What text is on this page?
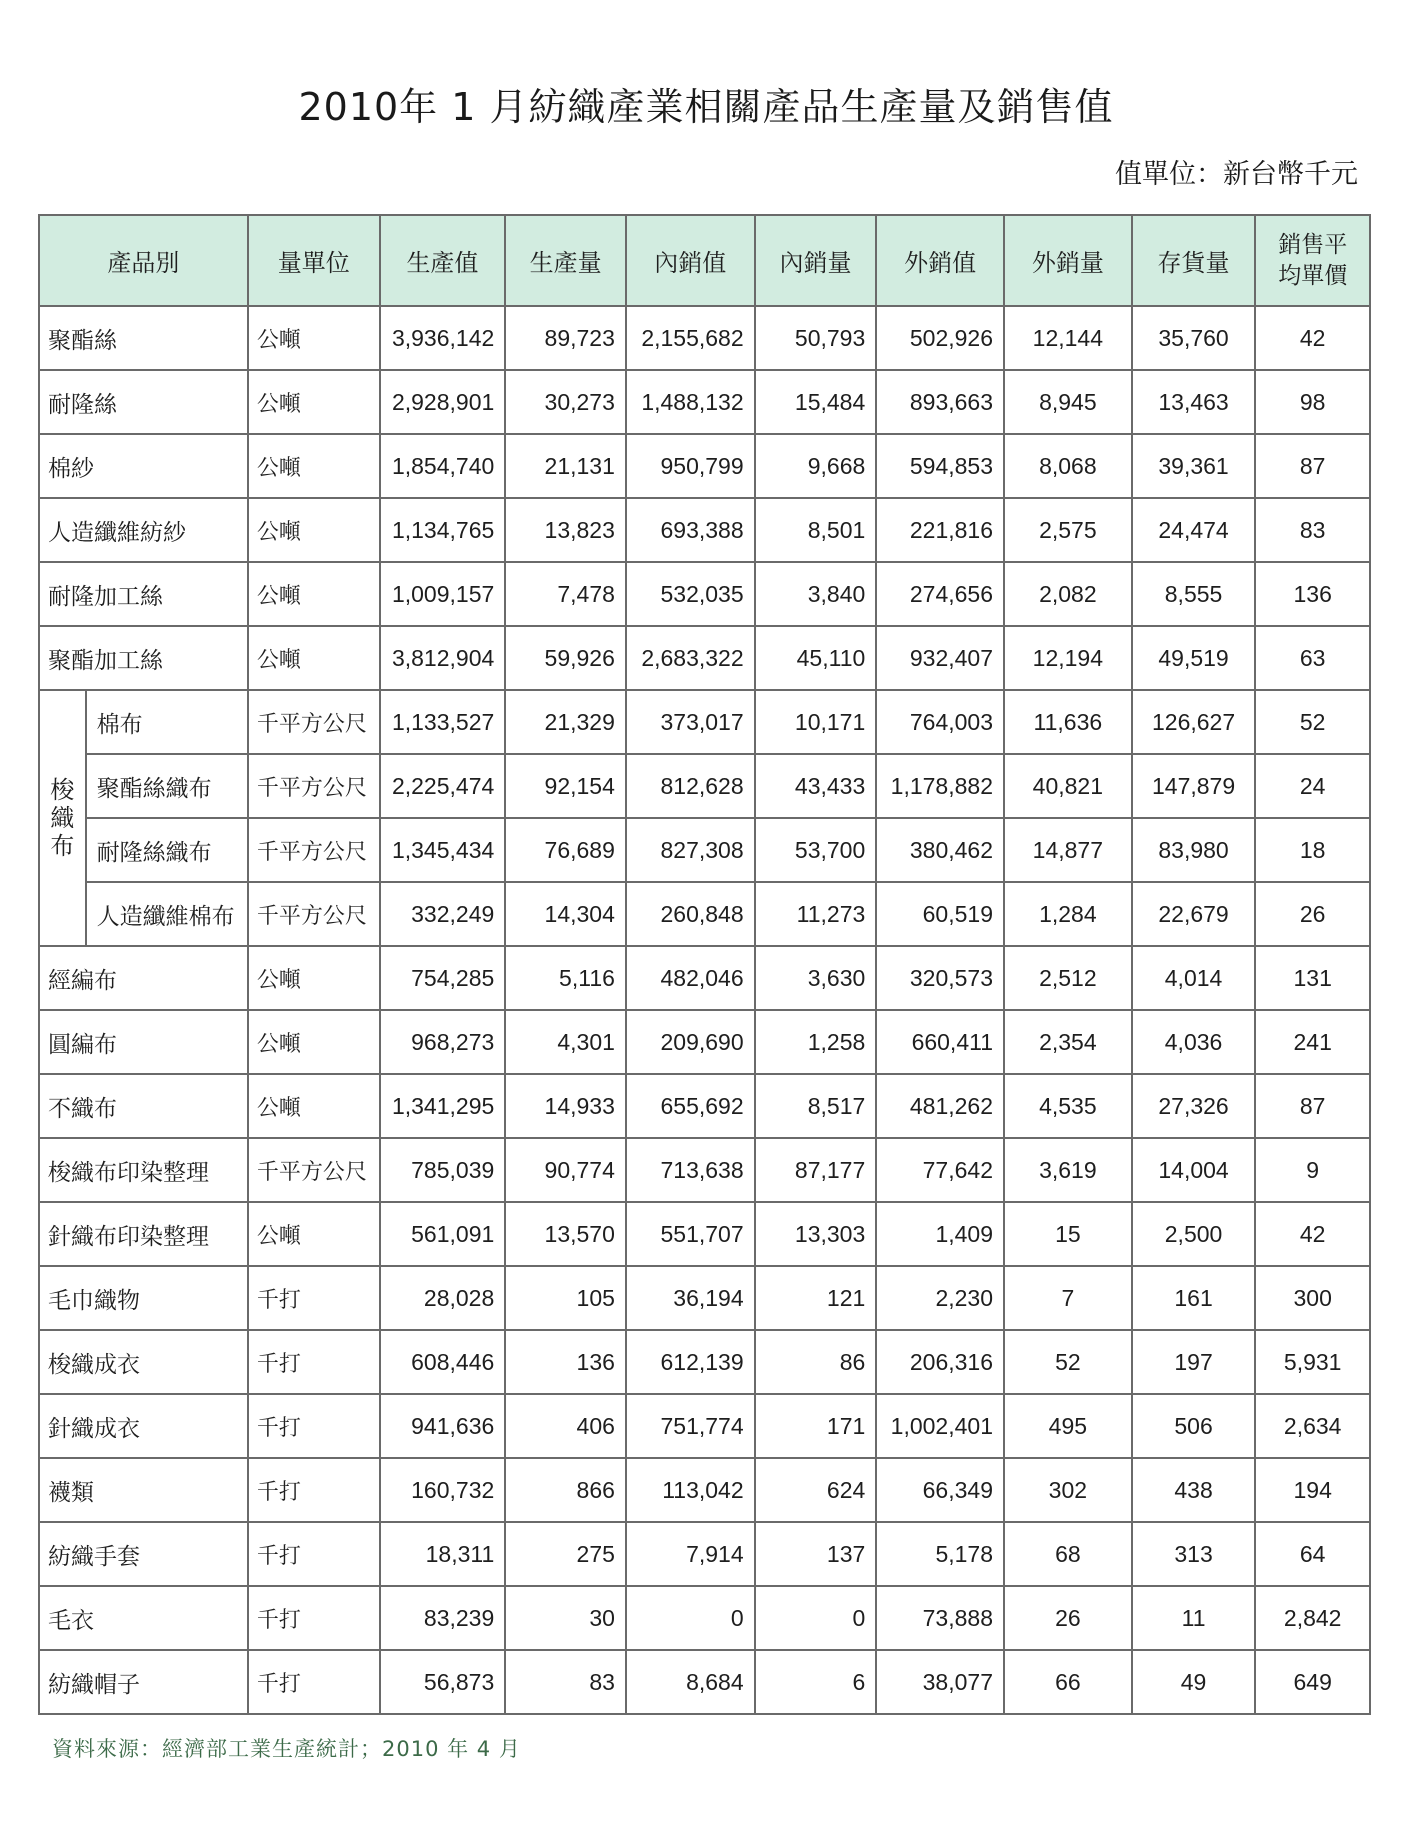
2010年 1 月紡織產業相關產品生產量及銷售值
值單位：新台幣千元
產品別		量單位	生產值	生產量	內銷值	內銷量	外銷值	外銷量	存貨量	銷售平
均單價
聚酯絲		公噸	3,936,142	89,723	2,155,682	50,793	502,926	12,144	35,760	42
耐隆絲		公噸	2,928,901	30,273	1,488,132	15,484	893,663	8,945	13,463	98
棉紗		公噸	1,854,740	21,131	950,799	9,668	594,853	8,068	39,361	87
人造纖維紡紗		公噸	1,134,765	13,823	693,388	8,501	221,816	2,575	24,474	83
耐隆加工絲		公噸	1,009,157	7,478	532,035	3,840	274,656	2,082	8,555	136
聚酯加工絲		公噸	3,812,904	59,926	2,683,322	45,110	932,407	12,194	49,519	63
梭織布	棉布	千平方公尺	1,133,527	21,329	373,017	10,171	764,003	11,636	126,627	52
	聚酯絲織布	千平方公尺	2,225,474	92,154	812,628	43,433	1,178,882	40,821	147,879	24
	耐隆絲織布	千平方公尺	1,345,434	76,689	827,308	53,700	380,462	14,877	83,980	18
	人造纖維棉布	千平方公尺	332,249	14,304	260,848	11,273	60,519	1,284	22,679	26
經編布		公噸	754,285	5,116	482,046	3,630	320,573	2,512	4,014	131
圓編布		公噸	968,273	4,301	209,690	1,258	660,411	2,354	4,036	241
不織布		公噸	1,341,295	14,933	655,692	8,517	481,262	4,535	27,326	87
梭織布印染整理		千平方公尺	785,039	90,774	713,638	87,177	77,642	3,619	14,004	9
針織布印染整理		公噸	561,091	13,570	551,707	13,303	1,409	15	2,500	42
毛巾織物		千打	28,028	105	36,194	121	2,230	7	161	300
梭織成衣		千打	608,446	136	612,139	86	206,316	52	197	5,931
針織成衣		千打	941,636	406	751,774	171	1,002,401	495	506	2,634
襪類		千打	160,732	866	113,042	624	66,349	302	438	194
紡織手套		千打	18,311	275	7,914	137	5,178	68	313	64
毛衣		千打	83,239	30	0	0	73,888	26	11	2,842
紡織帽子		千打	56,873	83	8,684	6	38,077	66	49	649
資料來源：經濟部工業生產統計；2010 年 4 月
